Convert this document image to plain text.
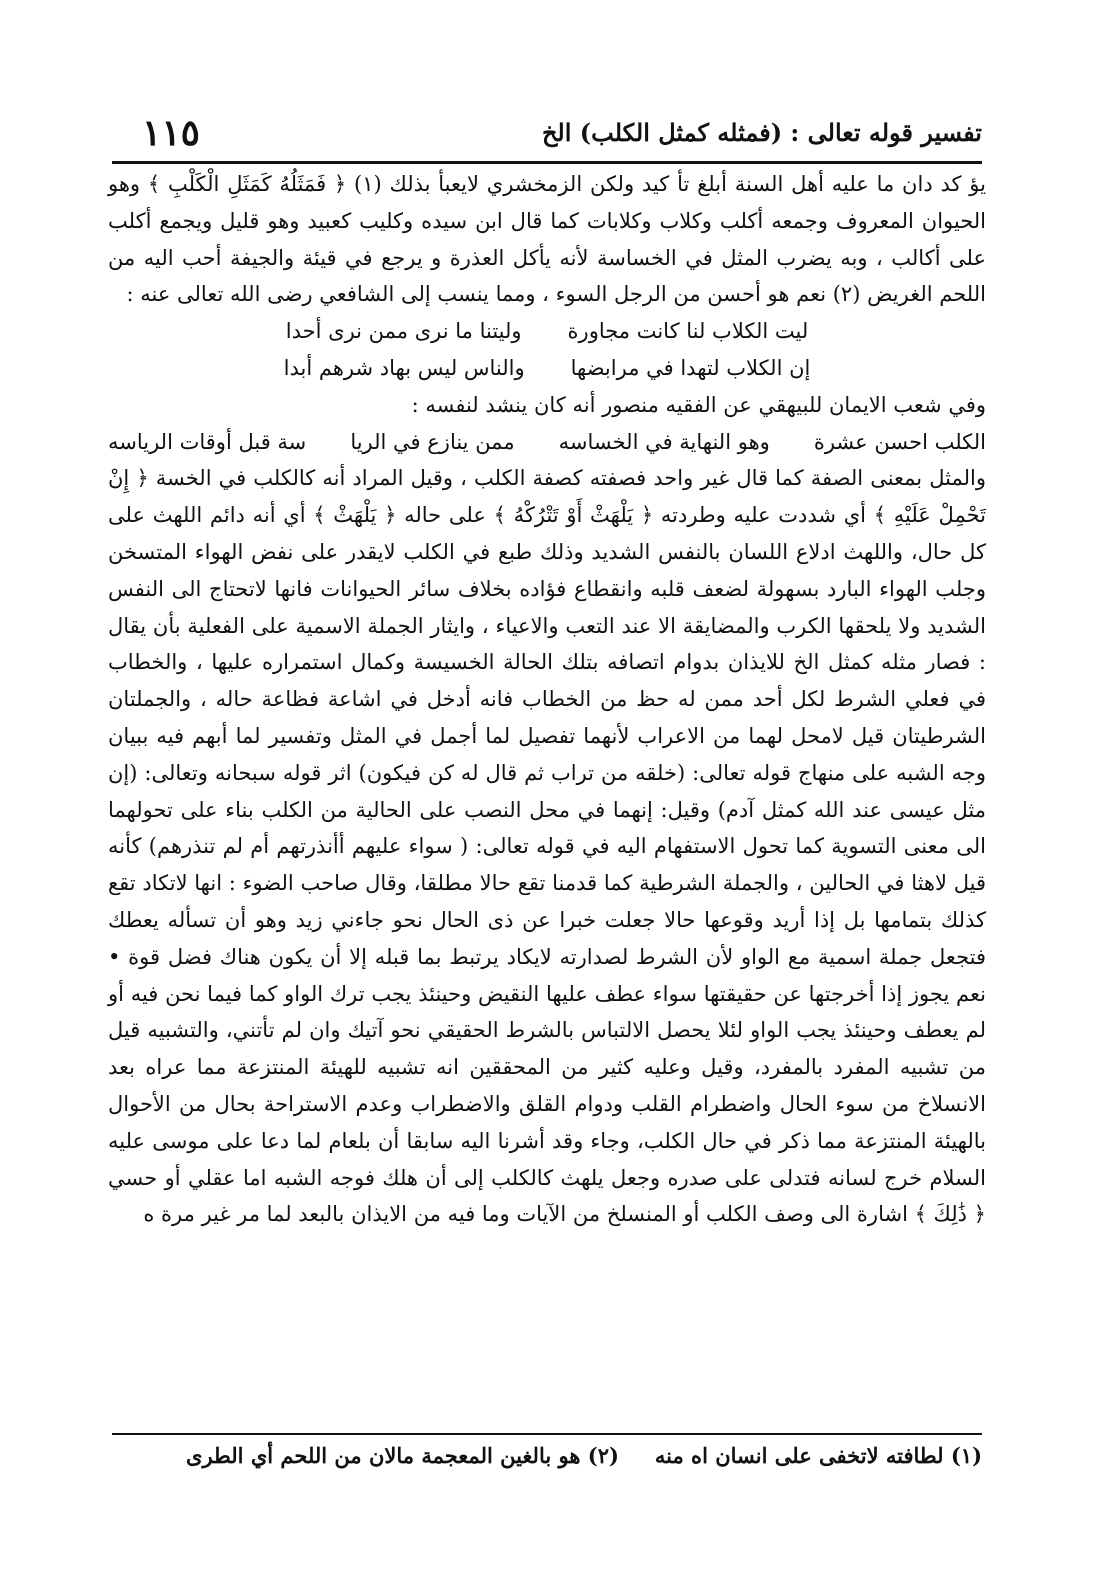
تفسير قوله تعالى : (فمثله كمثل الكلب) الخ
١١٥

يؤ كد دان ما عليه أهل السنة أبلغ تأ كيد ولكن الزمخشري لايعبأ بذلك (١) ﴿ فَمَثَلُهُ كَمَثَلِ الْكَلْبِ ﴾ وهو الحيوان المعروف وجمعه أكلب وكلاب وكلابات كما قال ابن سيده وكليب كعبيد وهو قليل ويجمع أكلب على أكالب ، وبه يضرب المثل في الخساسة لأنه يأكل العذرة و يرجع في قيئة والجيفة أحب اليه من اللحم الغريض (٢) نعم هو أحسن من الرجل السوء ، ومما ينسب إلى الشافعي رضى الله تعالى عنه :

ليت الكلاب لنا كانت مجاورة
وليتنا ما نرى ممن نرى أحدا
إن الكلاب لتهدا في مرابضها
والناس ليس بهاد شرهم أبدا

وفي شعب الايمان للبيهقي عن الفقيه منصور أنه كان ينشد لنفسه :

الكلب احسن عشرة
وهو النهاية في الخساسه
ممن ينازع في الريا
سة قبل أوقات الرياسه

والمثل بمعنى الصفة كما قال غير واحد فصفته كصفة الكلب ، وقيل المراد أنه كالكلب في الخسة ﴿ إِنْ تَحْمِلْ عَلَيْهِ ﴾ أي شددت عليه وطردته ﴿ يَلْهَثْ أَوْ تَتْرُكْهُ ﴾ على حاله ﴿ يَلْهَثْ ﴾ أي أنه دائم اللهث على كل حال، واللهث ادلاع اللسان بالنفس الشديد وذلك طبع في الكلب لايقدر على نفض الهواء المتسخن وجلب الهواء البارد بسهولة لضعف قلبه وانقطاع فؤاده بخلاف سائر الحيوانات فانها لاتحتاج الى النفس الشديد ولا يلحقها الكرب والمضايقة الا عند التعب والاعياء ، وايثار الجملة الاسمية على الفعلية بأن يقال : فصار مثله كمثل الخ للايذان بدوام اتصافه بتلك الحالة الخسيسة وكمال استمراره عليها ، والخطاب في فعلي الشرط لكل أحد ممن له حظ من الخطاب فانه أدخل في اشاعة فظاعة حاله ، والجملتان الشرطيتان قيل لامحل لهما من الاعراب لأنهما تفصيل لما أجمل في المثل وتفسير لما أبهم فيه ببيان وجه الشبه على منهاج قوله تعالى: (خلقه من تراب ثم قال له كن فيكون) اثر قوله سبحانه وتعالى: (إن مثل عيسى عند الله كمثل آدم) وقيل: إنهما في محل النصب على الحالية من الكلب بناء على تحولهما الى معنى التسوية كما تحول الاستفهام اليه في قوله تعالى: ( سواء عليهم أأنذرتهم أم لم تنذرهم) كأنه قيل لاهثا في الحالين ، والجملة الشرطية كما قدمنا تقع حالا مطلقا، وقال صاحب الضوء : انها لاتكاد تقع كذلك بتمامها بل إذا أريد وقوعها حالا جعلت خبرا عن ذى الحال نحو جاءني زيد وهو أن تسأله يعطك فتجعل جملة اسمية مع الواو لأن الشرط لصدارته لايكاد يرتبط بما قبله إلا أن يكون هناك فضل قوة • نعم يجوز إذا أخرجتها عن حقيقتها سواء عطف عليها النقيض وحينئذ يجب ترك الواو كما فيما نحن فيه أو لم يعطف وحينئذ يجب الواو لئلا يحصل الالتباس بالشرط الحقيقي نحو آتيك وان لم تأتني، والتشبيه قيل من تشبيه المفرد بالمفرد، وقيل وعليه كثير من المحققين انه تشبيه للهيئة المنتزعة مما عراه بعد الانسلاخ من سوء الحال واضطرام القلب ودوام القلق والاضطراب وعدم الاستراحة بحال من الأحوال بالهيئة المنتزعة مما ذكر في حال الكلب، وجاء وقد أشرنا اليه سابقا أن بلعام لما دعا على موسى عليه السلام خرج لسانه فتدلى على صدره وجعل يلهث كالكلب إلى أن هلك فوجه الشبه اما عقلي أو حسي ﴿ ذَٰلِكَ ﴾ اشارة الى وصف الكلب أو المنسلخ من الآيات وما فيه من الايذان بالبعد لما مر غير مرة ه

(١) لطافته لاتخفى على انسان اه منه
(٢) هو بالغين المعجمة مالان من اللحم أي الطرى
